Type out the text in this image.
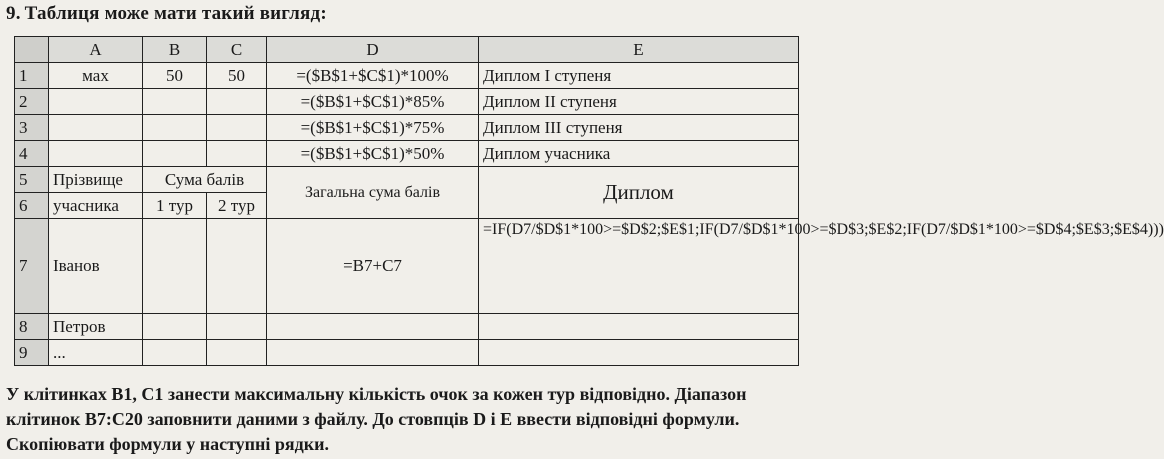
9. Таблиця може мати такий вигляд:
	A	B	C	D	E
1	мах	50	50	=($B$1+$C$1)*100%	Диплом І ступеня
2				=($B$1+$C$1)*85%	Диплом ІІ ступеня
3				=($B$1+$C$1)*75%	Диплом ІІІ ступеня
4				=($B$1+$C$1)*50%	Диплом учасника
5	Прізвище	Сума балів		Загальна сума балів	Диплом
6	учасника	1 тур	2 тур		
7	Іванов			=B7+C7	=IF(D7/$D$1*100>=$D$2;$E$1;IF(D7/$D$1*100>=$D$3;$E$2;IF(D7/$D$1*100>=$D$4;$E$3;$E$4)))
8	Петров				
9	...				
У клітинках В1, С1 занести максимальну кількість очок за кожен тур відповідно. Діапазон клітинок В7:С20 заповнити даними з файлу. До стовпців D і Е ввести відповідні формули. Скопіювати формули у наступні рядки.
